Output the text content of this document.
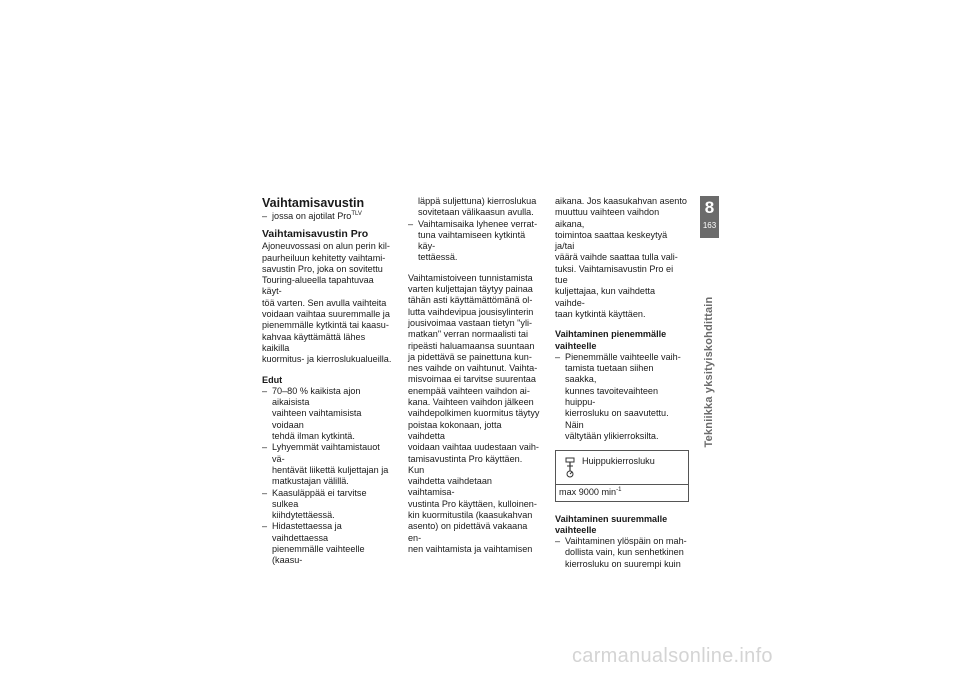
Vaihtamisavustin
– jossa on ajotilat Pro$^{TLV}$
Vaihtamisavustin Pro
Ajoneuvossasi on alun perin kil-
paurheiluun kehitetty vaihtami-
savustin Pro, joka on sovitettu
Touring-alueella tapahtuvaa käyt-
töä varten. Sen avulla vaihteita
voidaan vaihtaa suuremmalle ja
pienemmälle kytkintä tai kaasu-
kahvaa käyttämättä lähes kaikilla
kuormitus- ja kierroslukualueilla.
Edut
– 70–80 % kaikista ajon aikaisista
vaihteen vaihtamisista voidaan
tehdä ilman kytkintä.
– Lyhyemmät vaihtamistauot vä-
hentävät liikettä kuljettajan ja
matkustajan välillä.
– Kaasuläppää ei tarvitse sulkea
kiihdytettäessä.
– Hidastettaessa ja vaihdettaessa
pienemmälle vaihteelle (kaasu-
läppä suljettuna) kierroslukua
sovitetaan välikaasun avulla.
– Vaihtamisaika lyhenee verrat-
tuna vaihtamiseen kytkintä käy-
tettäessä.
Vaihtamistoiveen tunnistamista
varten kuljettajan täytyy painaa
tähän asti käyttämättömänä ol-
lutta vaihdevipua jousisylinterin
jousivoimaa vastaan tietyn "yli-
matkan" verran normaalisti tai
ripeästi haluamaansa suuntaan
ja pidettävä se painettuna kun-
nes vaihde on vaihtunut. Vaihta-
misvoimaa ei tarvitse suurentaa
enempää vaihteen vaihdon ai-
kana. Vaihteen vaihdon jälkeen
vaihdepolkimen kuormitus täytyy
poistaa kokonaan, jotta vaihdetta
voidaan vaihtaa uudestaan vaih-
tamisavustinta Pro käyttäen. Kun
vaihdetta vaihdetaan vaihtamisa-
vustinta Pro käyttäen, kulloinen-
kin kuormitustila (kaasukahvan
asento) on pidettävä vakaana en-
nen vaihtamista ja vaihtamisen
aikana. Jos kaasukahvan asento
muuttuu vaihteen vaihdon aikana,
toimintoa saattaa keskeytyä ja/tai
väärä vaihde saattaa tulla vali-
tuksi. Vaihtamisavustin Pro ei tue
kuljettajaa, kun vaihdetta vaihde-
taan kytkintä käyttäen.
Vaihtaminen pienemmälle
vaihteelle
– Pienemmälle vaihteelle vaih-
tamista tuetaan siihen saakka,
kunnes tavoitevaihteen huippu-
kierrosluku on saavutettu. Näin
vältytään ylikierroksilta.
Huippukierrosluku
max 9000 $\min^{-1}$
Vaihtaminen suuremmalle
vaihteelle
– Vaihtaminen ylöspäin on mah-
dollista vain, kun senhetkinen
kierrosluku on suurempi kuin
8
163
Tekniikka yksityiskohdittain
carmanualsonline.info
